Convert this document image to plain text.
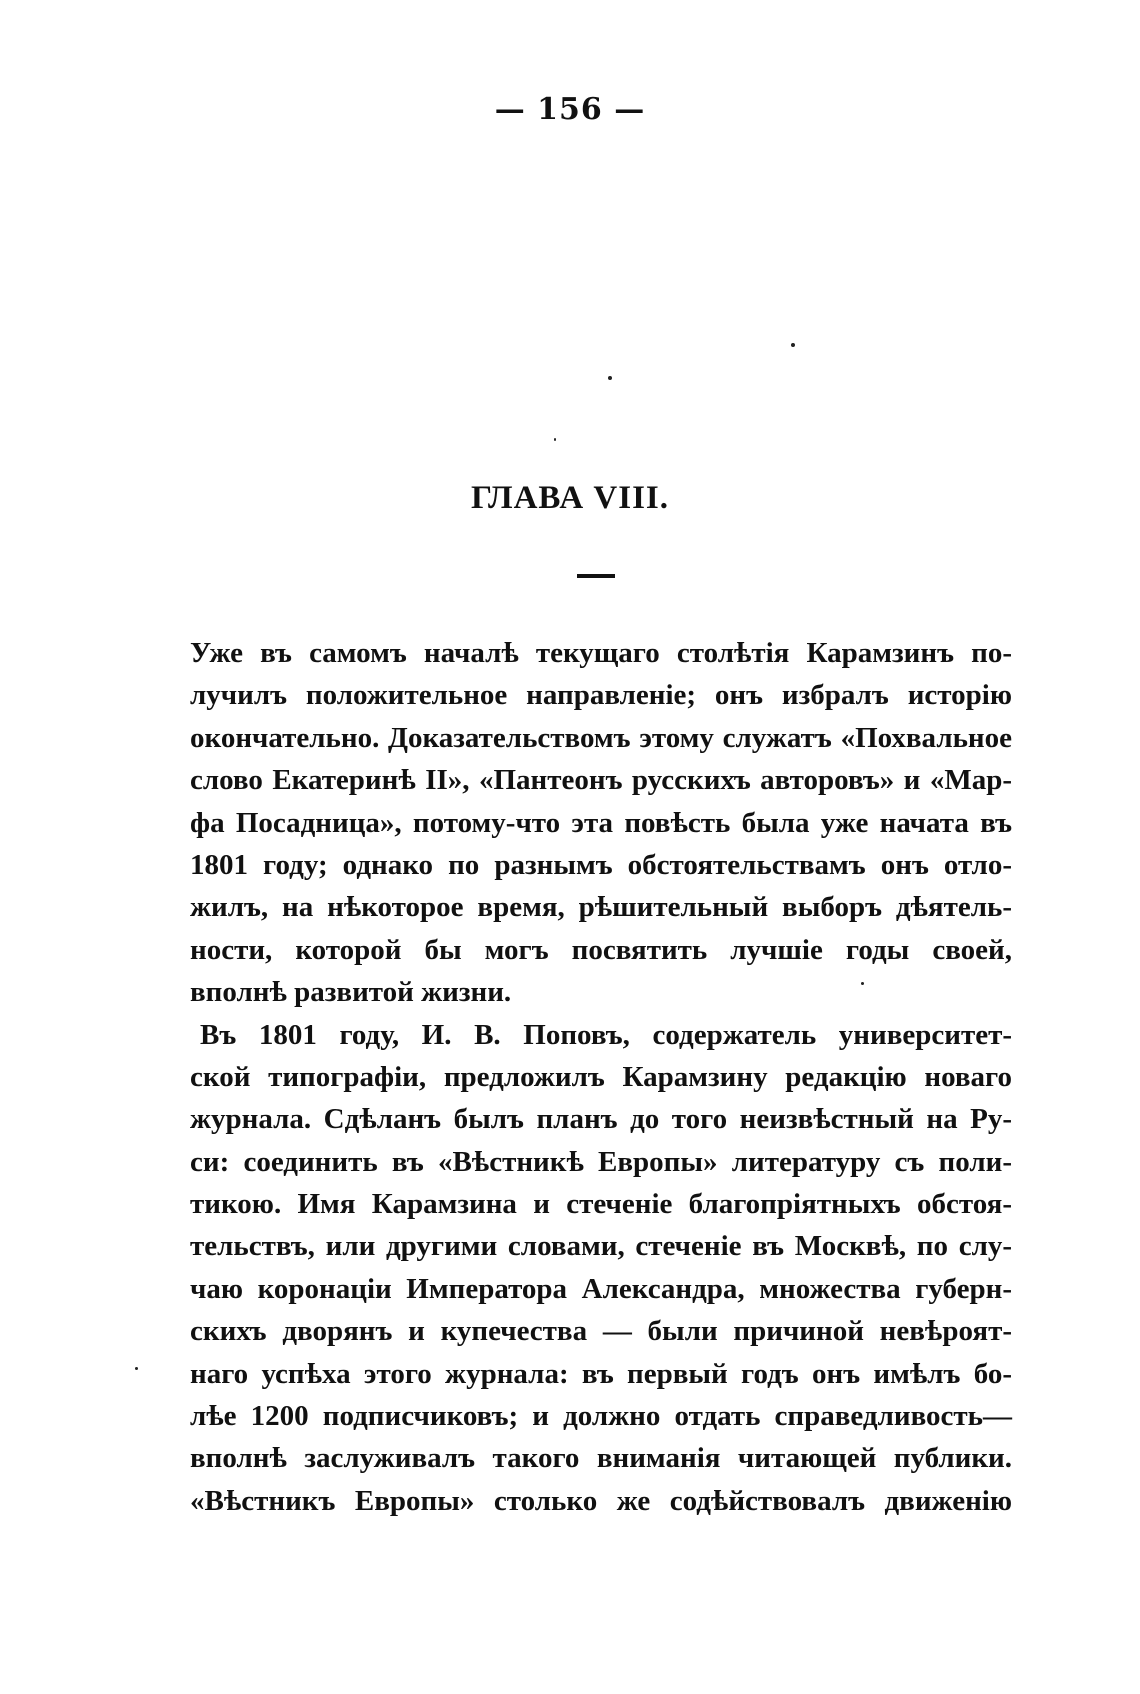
— 156 —
ГЛАВА VIII.
Уже въ самомъ началѣ текущаго столѣтія Карамзинъ по-
лучилъ положительное направленіе; онъ избралъ исторію
окончательно. Доказательствомъ этому служатъ «Похвальное
слово Екатеринѣ II», «Пантеонъ русскихъ авторовъ» и «Мар-
фа Посадница», потому-что эта повѣсть была уже начата въ
1801 году; однако по разнымъ обстоятельствамъ онъ отло-
жилъ, на нѣкоторое время, рѣшительный выборъ дѣятель-
ности, которой бы могъ посвятить лучшіе годы своей,
вполнѣ развитой жизни.
Въ 1801 году, И. В. Поповъ, содержатель университет-
ской типографіи, предложилъ Карамзину редакцію новаго
журнала. Сдѣланъ былъ планъ до того неизвѣстный на Ру-
си: соединить въ «Вѣстникѣ Европы» литературу съ поли-
тикою. Имя Карамзина и стеченіе благопріятныхъ обстоя-
тельствъ, или другими словами, стеченіе въ Москвѣ, по слу-
чаю коронаціи Императора Александра, множества губерн-
скихъ дворянъ и купечества — были причиной невѣроят-
наго успѣха этого журнала: въ первый годъ онъ имѣлъ бо-
лѣе 1200 подписчиковъ; и должно отдать справедливость—
вполнѣ заслуживалъ такого вниманія читающей публики.
«Вѣстникъ Европы» столько же содѣйствовалъ движенію
